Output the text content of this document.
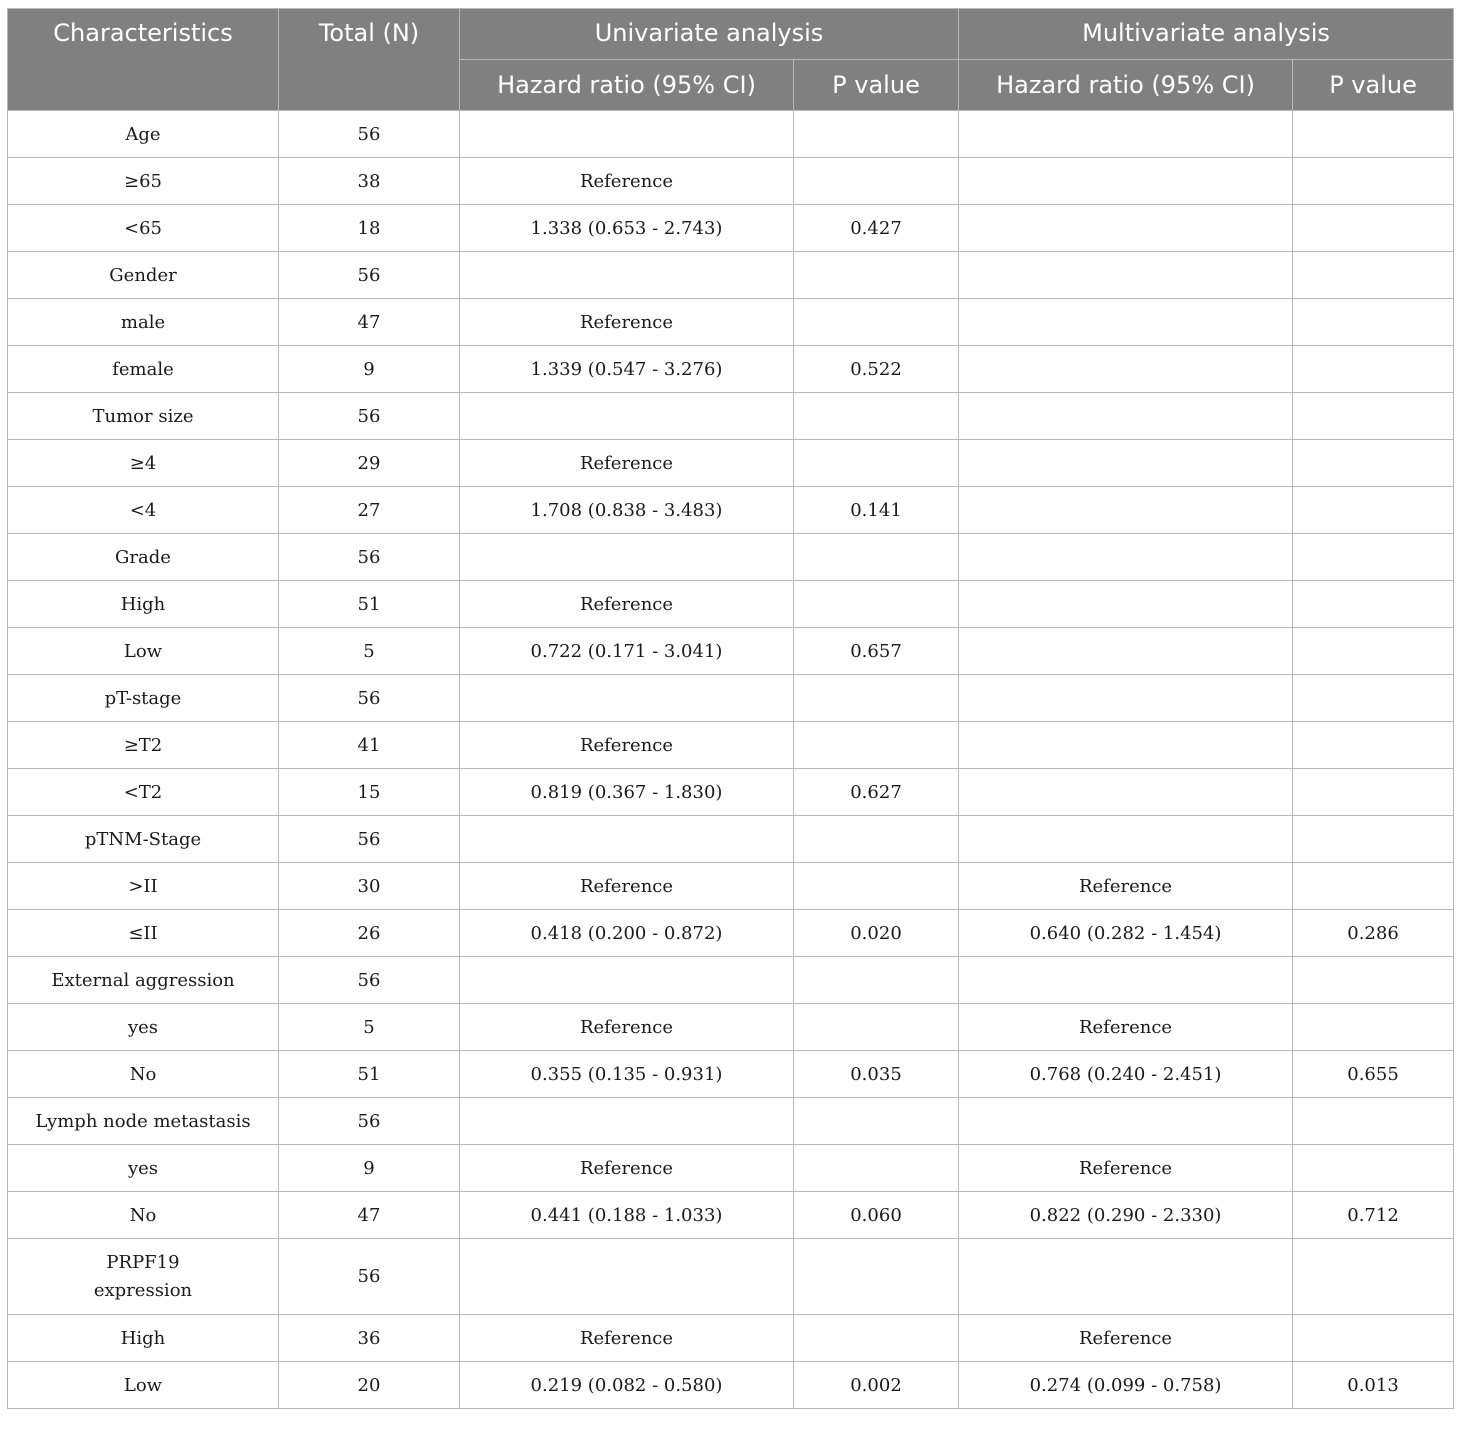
Characteristics	Total (N)	Univariate analysis		Multivariate analysis	
		Hazard ratio (95% CI)	P value	Hazard ratio (95% CI)	P value
Age	56				
≥65	38	Reference			
<65	18	1.338 (0.653 - 2.743)	0.427		
Gender	56				
male	47	Reference			
female	9	1.339 (0.547 - 3.276)	0.522		
Tumor size	56				
≥4	29	Reference			
<4	27	1.708 (0.838 - 3.483)	0.141		
Grade	56				
High	51	Reference			
Low	5	0.722 (0.171 - 3.041)	0.657		
pT-stage	56				
≥T2	41	Reference			
<T2	15	0.819 (0.367 - 1.830)	0.627		
pTNM-Stage	56				
>II	30	Reference		Reference	
≤II	26	0.418 (0.200 - 0.872)	0.020	0.640 (0.282 - 1.454)	0.286
External aggression	56				
yes	5	Reference		Reference	
No	51	0.355 (0.135 - 0.931)	0.035	0.768 (0.240 - 2.451)	0.655
Lymph node metastasis	56				
yes	9	Reference		Reference	
No	47	0.441 (0.188 - 1.033)	0.060	0.822 (0.290 - 2.330)	0.712

PRPF19
expression	56				
High	36	Reference		Reference	
Low	20	0.219 (0.082 - 0.580)	0.002	0.274 (0.099 - 0.758)	0.013
